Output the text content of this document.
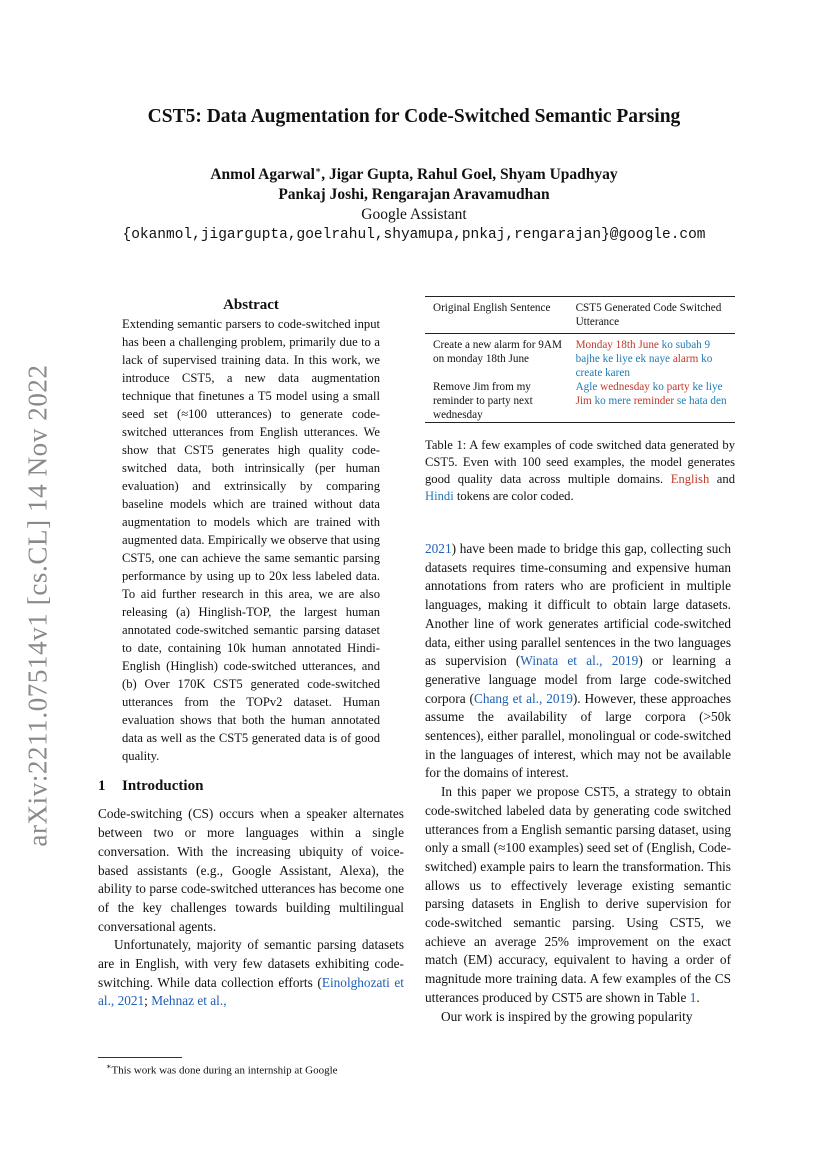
arXiv:2211.07514v1 [cs.CL] 14 Nov 2022
CST5: Data Augmentation for Code-Switched Semantic Parsing
Anmol Agarwal∗, Jigar Gupta, Rahul Goel, Shyam Upadhyay
Pankaj Joshi, Rengarajan Aravamudhan
Google Assistant
{okanmol,jigargupta,goelrahul,shyamupa,pnkaj,rengarajan}@google.com

Abstract

Extending semantic parsers to code-switched input has been a challenging problem, primarily due to a lack of supervised training data. In this work, we introduce CST5, a new data augmentation technique that finetunes a T5 model using a small seed set (≈100 utterances) to generate code-switched utterances from English utterances. We show that CST5 generates high quality code-switched data, both intrinsically (per human evaluation) and extrinsically by comparing baseline models which are trained without data augmentation to models which are trained with augmented data. Empirically we observe that using CST5, one can achieve the same semantic parsing performance by using up to 20x less labeled data. To aid further research in this area, we are also releasing (a) Hinglish-TOP, the largest human annotated code-switched semantic parsing dataset to date, containing 10k human annotated Hindi-English (Hinglish) code-switched utterances, and (b) Over 170K CST5 generated code-switched utterances from the TOPv2 dataset. Human evaluation shows that both the human annotated data as well as the CST5 generated data is of good quality.

1 Introduction

Code-switching (CS) occurs when a speaker alternates between two or more languages within a single conversation. With the increasing ubiquity of voice-based assistants (e.g., Google Assistant, Alexa), the ability to parse code-switched utterances has become one of the key challenges towards building multilingual conversational agents.

Unfortunately, majority of semantic parsing datasets are in English, with very few datasets exhibiting code-switching. While data collection efforts (Einolghozati et al., 2021; Mehnaz et al.,

∗This work was done during an internship at Google
Original English Sentence	CST5 Generated Code Switched Utterance
Create a new alarm for 9AM on monday 18th June	Monday 18th June ko subah 9 bajhe ke liye ek naye alarm ko create karen
Remove Jim from my reminder to party next wednesday	Agle wednesday ko party ke liye Jim ko mere reminder se hata den
Table 1: A few examples of code switched data generated by CST5. Even with 100 seed examples, the model generates good quality data across multiple domains. English and Hindi tokens are color coded.

2021) have been made to bridge this gap, collecting such datasets requires time-consuming and expensive human annotations from raters who are proficient in multiple languages, making it difficult to obtain large datasets. Another line of work generates artificial code-switched data, either using parallel sentences in the two languages as supervision (Winata et al., 2019) or learning a generative language model from large code-switched corpora (Chang et al., 2019). However, these approaches assume the availability of large corpora (>50k sentences), either parallel, monolingual or code-switched in the languages of interest, which may not be available for the domains of interest.

In this paper we propose CST5, a strategy to obtain code-switched labeled data by generating code switched utterances from a English semantic parsing dataset, using only a small (≈100 examples) seed set of (English, Code-switched) example pairs to learn the transformation. This allows us to effectively leverage existing semantic parsing datasets in English to derive supervision for code-switched semantic parsing. Using CST5, we achieve an average 25% improvement on the exact match (EM) accuracy, equivalent to having a order of magnitude more training data. A few examples of the CS utterances produced by CST5 are shown in Table 1.

Our work is inspired by the growing popularity
